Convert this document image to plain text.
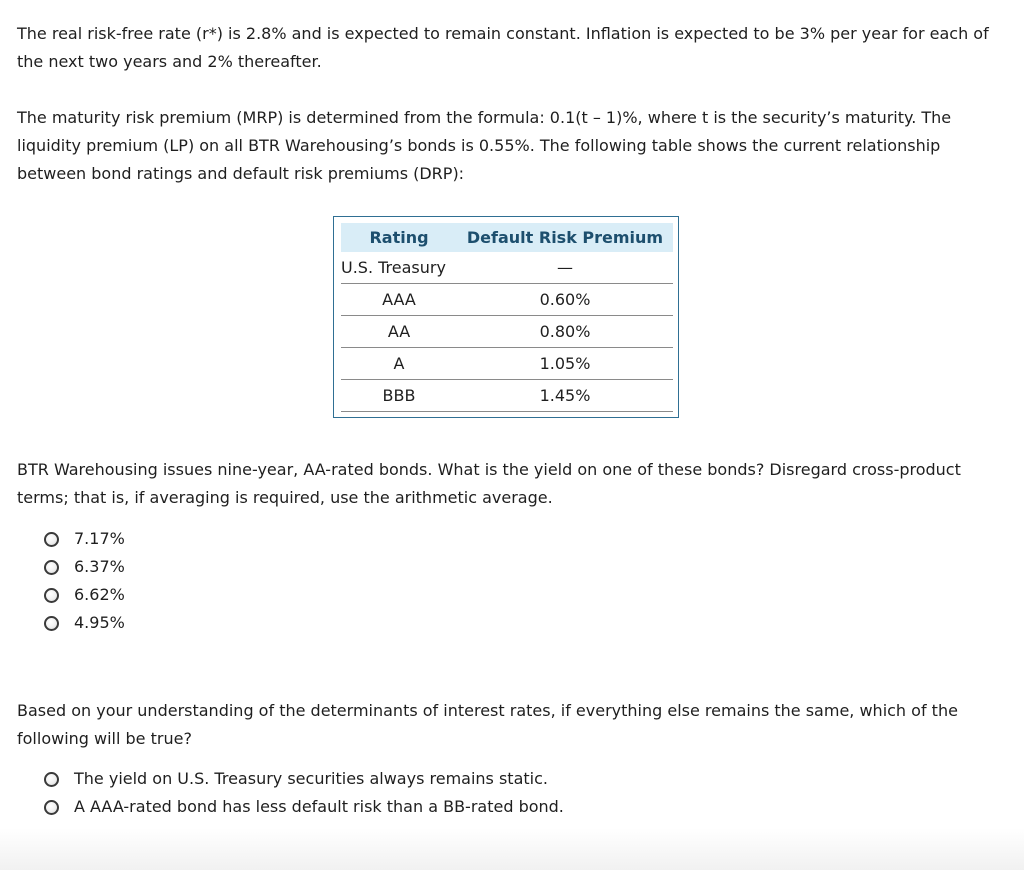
The real risk-free rate (r*) is 2.8% and is expected to remain constant. Inflation is expected to be 3% per year for each of the next two years and 2% thereafter.

The maturity risk premium (MRP) is determined from the formula: 0.1(t – 1)%, where t is the security’s maturity. The liquidity premium (LP) on all BTR Warehousing’s bonds is 0.55%. The following table shows the current relationship between bond ratings and default risk premiums (DRP):

Rating	Default Risk Premium
U.S. Treasury	—
AAA	0.60%
AA	0.80%
A	1.05%
BBB	1.45%

BTR Warehousing issues nine-year, AA-rated bonds. What is the yield on one of these bonds? Disregard cross-product terms; that is, if averaging is required, use the arithmetic average.

7.17%
6.37%
6.62%
4.95%

Based on your understanding of the determinants of interest rates, if everything else remains the same, which of the following will be true?

The yield on U.S. Treasury securities always remains static.
A AAA-rated bond has less default risk than a BB-rated bond.
